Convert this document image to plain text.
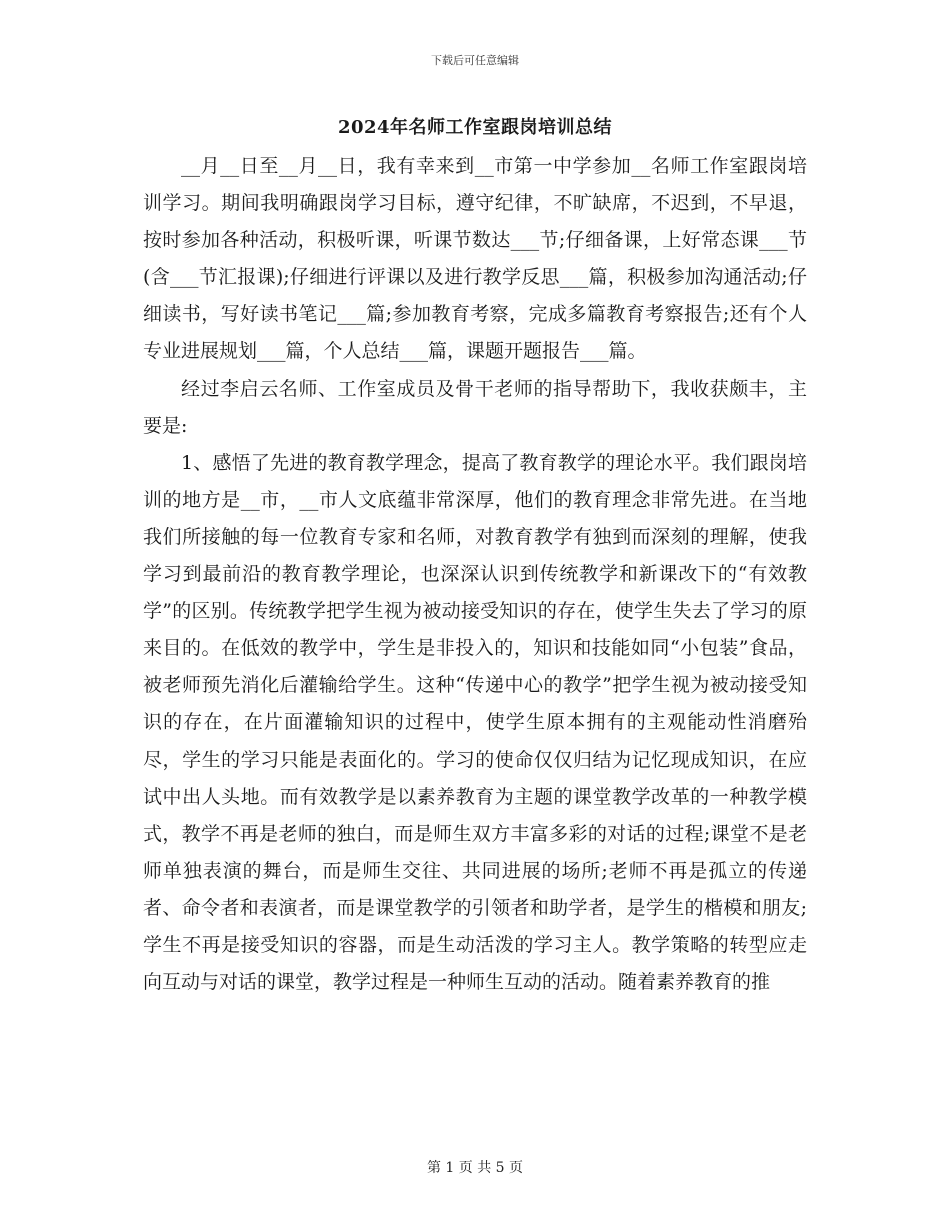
下载后可任意编辑
2024年名师工作室跟岗培训总结

__月__日至__月__日，我有幸来到__市第一中学参加__名师工作室跟岗培训学习。期间我明确跟岗学习目标，遵守纪律，不旷缺席，不迟到，不早退，按时参加各种活动，积极听课，听课节数达___节;仔细备课，上好常态课___节(含___节汇报课);仔细进行评课以及进行教学反思___篇，积极参加沟通活动;仔细读书，写好读书笔记___篇;参加教育考察，完成多篇教育考察报告;还有个人专业进展规划___篇，个人总结___篇，课题开题报告___篇。

经过李启云名师、工作室成员及骨干老师的指导帮助下，我收获颇丰，主要是:

1、感悟了先进的教育教学理念，提高了教育教学的理论水平。我们跟岗培训的地方是__市，__市人文底蕴非常深厚，他们的教育理念非常先进。在当地我们所接触的每一位教育专家和名师，对教育教学有独到而深刻的理解，使我学习到最前沿的教育教学理论，也深深认识到传统教学和新课改下的“有效教学”的区别。传统教学把学生视为被动接受知识的存在，使学生失去了学习的原来目的。在低效的教学中，学生是非投入的，知识和技能如同“小包装”食品，被老师预先消化后灌输给学生。这种“传递中心的教学”把学生视为被动接受知识的存在，在片面灌输知识的过程中，使学生原本拥有的主观能动性消磨殆尽，学生的学习只能是表面化的。学习的使命仅仅归结为记忆现成知识，在应试中出人头地。而有效教学是以素养教育为主题的课堂教学改革的一种教学模式，教学不再是老师的独白，而是师生双方丰富多彩的对话的过程;课堂不是老师单独表演的舞台，而是师生交往、共同进展的场所;老师不再是孤立的传递者、命令者和表演者，而是课堂教学的引领者和助学者，是学生的楷模和朋友;学生不再是接受知识的容器，而是生动活泼的学习主人。教学策略的转型应走向互动与对话的课堂，教学过程是一种师生互动的活动。随着素养教育的推

第 1 页 共 5 页
